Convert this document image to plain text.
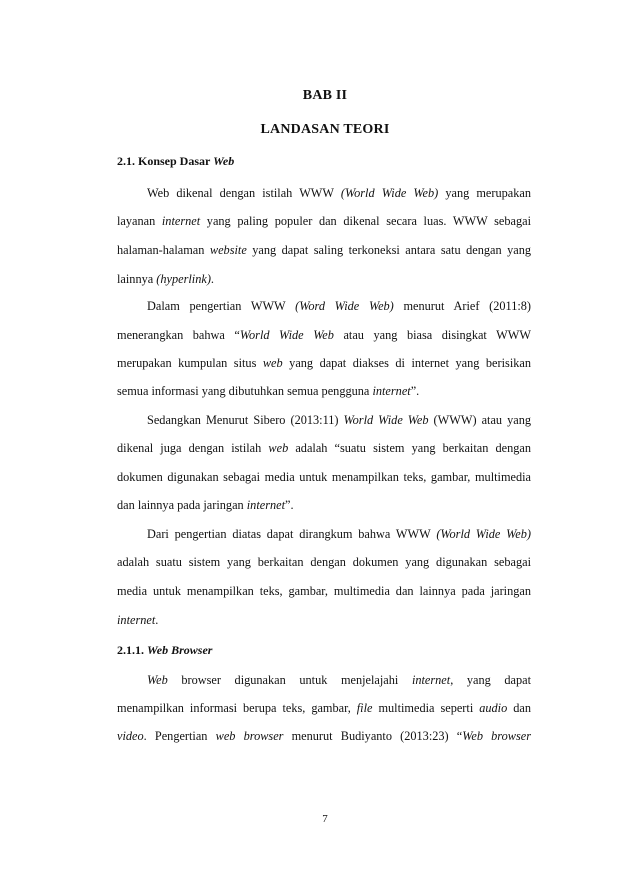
BAB II
LANDASAN TEORI
2.1. Konsep Dasar Web
Web dikenal dengan istilah WWW (World Wide Web) yang merupakan
layanan internet yang paling populer dan dikenal secara luas. WWW sebagai
halaman-halaman website yang dapat saling terkoneksi antara satu dengan yang
lainnya (hyperlink).
Dalam pengertian WWW (Word Wide Web) menurut Arief (2011:8)
menerangkan bahwa “World Wide Web atau yang biasa disingkat WWW
merupakan kumpulan situs web yang dapat diakses di internet yang berisikan
semua informasi yang dibutuhkan semua pengguna internet”.
Sedangkan Menurut Sibero (2013:11) World Wide Web (WWW) atau yang
dikenal juga dengan istilah web adalah “suatu sistem yang berkaitan dengan
dokumen digunakan sebagai media untuk menampilkan teks, gambar, multimedia
dan lainnya pada jaringan internet”.
Dari pengertian diatas dapat dirangkum bahwa WWW (World Wide Web)
adalah suatu sistem yang berkaitan dengan dokumen yang digunakan sebagai
media untuk menampilkan teks, gambar, multimedia dan lainnya pada jaringan
internet.
2.1.1. Web Browser
Web browser digunakan untuk menjelajahi internet, yang dapat
menampilkan informasi berupa teks, gambar, file multimedia seperti audio dan
video. Pengertian web browser menurut Budiyanto (2013:23) “Web browser
7
